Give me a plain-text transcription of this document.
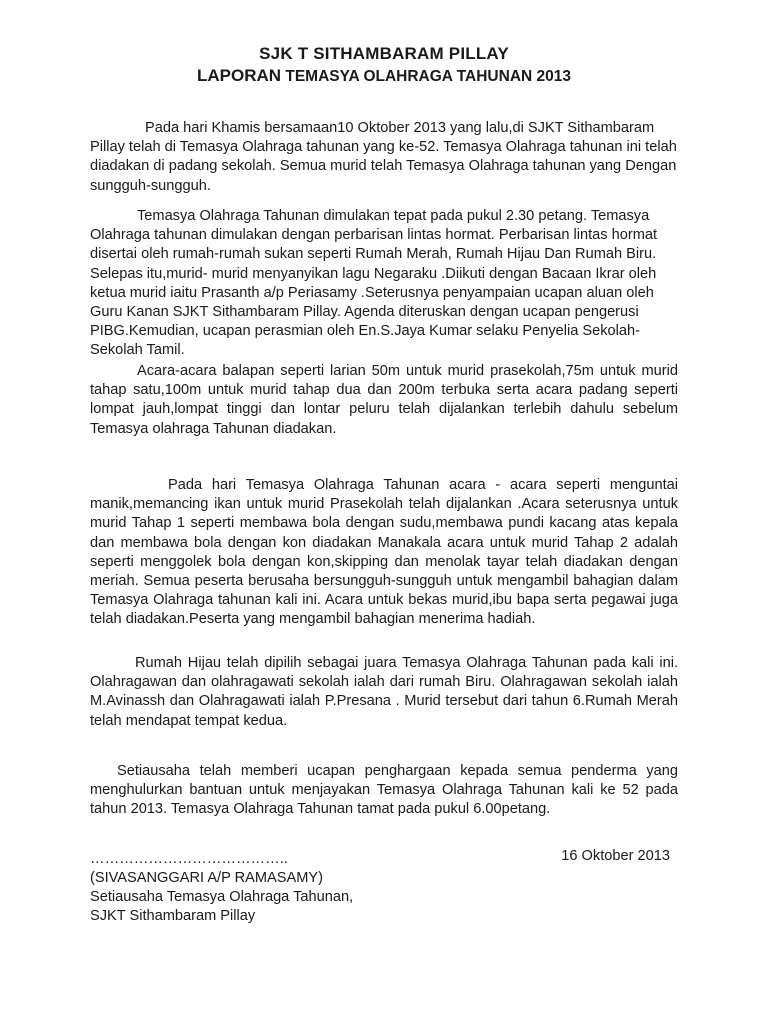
SJK T SITHAMBARAM PILLAY
LAPORAN TEMASYA OLAHRAGA TAHUNAN 2013

Pada hari Khamis bersamaan10 Oktober 2013 yang lalu,di SJKT Sithambaram Pillay telah di Temasya Olahraga tahunan yang ke-52. Temasya Olahraga tahunan ini telah diadakan di padang sekolah. Semua murid telah Temasya Olahraga tahunan yang Dengan sungguh-sungguh.

Temasya Olahraga Tahunan dimulakan tepat pada pukul 2.30 petang. Temasya Olahraga tahunan dimulakan dengan perbarisan lintas hormat. Perbarisan lintas hormat disertai oleh rumah-rumah sukan seperti Rumah Merah, Rumah Hijau Dan Rumah Biru. Selepas itu,murid- murid menyanyikan lagu Negaraku .Diikuti dengan Bacaan Ikrar oleh ketua murid iaitu Prasanth a/p Periasamy .Seterusnya penyampaian ucapan aluan oleh Guru Kanan SJKT Sithambaram Pillay. Agenda diteruskan dengan ucapan pengerusi PIBG.Kemudian, ucapan perasmian oleh En.S.Jaya Kumar selaku Penyelia Sekolah- Sekolah Tamil.

Acara-acara balapan seperti larian 50m untuk murid prasekolah,75m untuk murid tahap satu,100m untuk murid tahap dua dan 200m terbuka serta acara padang seperti lompat jauh,lompat tinggi dan lontar peluru telah dijalankan terlebih dahulu sebelum Temasya olahraga Tahunan diadakan.

Pada hari Temasya Olahraga Tahunan acara - acara seperti menguntai manik,memancing ikan untuk murid Prasekolah telah dijalankan .Acara seterusnya untuk murid Tahap 1 seperti membawa bola dengan sudu,membawa pundi kacang atas kepala dan membawa bola dengan kon diadakan Manakala acara untuk murid Tahap 2 adalah seperti menggolek bola dengan kon,skipping dan menolak tayar telah diadakan dengan meriah. Semua peserta berusaha bersungguh-sungguh untuk mengambil bahagian dalam Temasya Olahraga tahunan kali ini. Acara untuk bekas murid,ibu bapa serta pegawai juga telah diadakan.Peserta yang mengambil bahagian menerima hadiah.

Rumah Hijau telah dipilih sebagai juara Temasya Olahraga Tahunan pada kali ini. Olahragawan dan olahragawati sekolah ialah dari rumah Biru. Olahragawan sekolah ialah M.Avinassh dan Olahragawati ialah P.Presana . Murid tersebut dari tahun 6.Rumah Merah telah mendapat tempat kedua.

Setiausaha telah memberi ucapan penghargaan kepada semua penderma yang menghulurkan bantuan untuk menjayakan Temasya Olahraga Tahunan kali ke 52 pada tahun 2013. Temasya Olahraga Tahunan tamat pada pukul 6.00petang.

…………………………………..
(SIVASANGGARI A/P RAMASAMY)
Setiausaha Temasya Olahraga Tahunan,
SJKT Sithambaram Pillay
16 Oktober 2013
